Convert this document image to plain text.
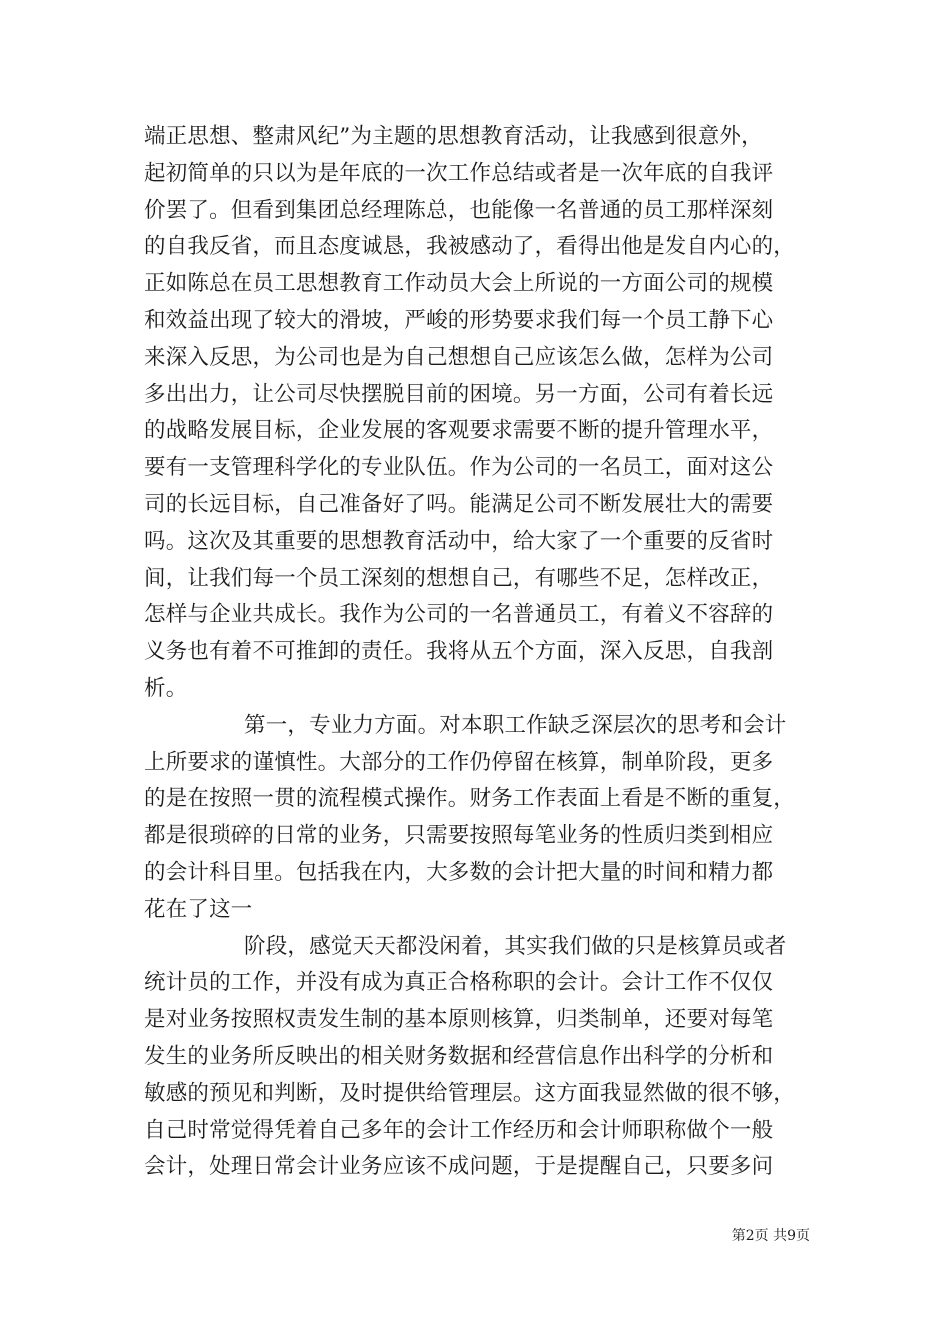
端正思想、整肃风纪”为主题的思想教育活动，让我感到很意外，
起初简单的只以为是年底的一次工作总结或者是一次年底的自我评
价罢了。但看到集团总经理陈总，也能像一名普通的员工那样深刻
的自我反省，而且态度诚恳，我被感动了，看得出他是发自内心的，
正如陈总在员工思想教育工作动员大会上所说的一方面公司的规模
和效益出现了较大的滑坡，严峻的形势要求我们每一个员工静下心
来深入反思，为公司也是为自己想想自己应该怎么做，怎样为公司
多出出力，让公司尽快摆脱目前的困境。另一方面，公司有着长远
的战略发展目标，企业发展的客观要求需要不断的提升管理水平，
要有一支管理科学化的专业队伍。作为公司的一名员工，面对这公
司的长远目标，自己准备好了吗。能满足公司不断发展壮大的需要
吗。这次及其重要的思想教育活动中，给大家了一个重要的反省时
间，让我们每一个员工深刻的想想自己，有哪些不足，怎样改正，
怎样与企业共成长。我作为公司的一名普通员工，有着义不容辞的
义务也有着不可推卸的责任。我将从五个方面，深入反思，自我剖
析。
第一，专业力方面。对本职工作缺乏深层次的思考和会计
上所要求的谨慎性。大部分的工作仍停留在核算，制单阶段，更多
的是在按照一贯的流程模式操作。财务工作表面上看是不断的重复，
都是很琐碎的日常的业务，只需要按照每笔业务的性质归类到相应
的会计科目里。包括我在内，大多数的会计把大量的时间和精力都
花在了这一
阶段，感觉天天都没闲着，其实我们做的只是核算员或者
统计员的工作，并没有成为真正合格称职的会计。会计工作不仅仅
是对业务按照权责发生制的基本原则核算，归类制单，还要对每笔
发生的业务所反映出的相关财务数据和经营信息作出科学的分析和
敏感的预见和判断，及时提供给管理层。这方面我显然做的很不够，
自己时常觉得凭着自己多年的会计工作经历和会计师职称做个一般
会计，处理日常会计业务应该不成问题，于是提醒自己，只要多问
第2页 共9页
